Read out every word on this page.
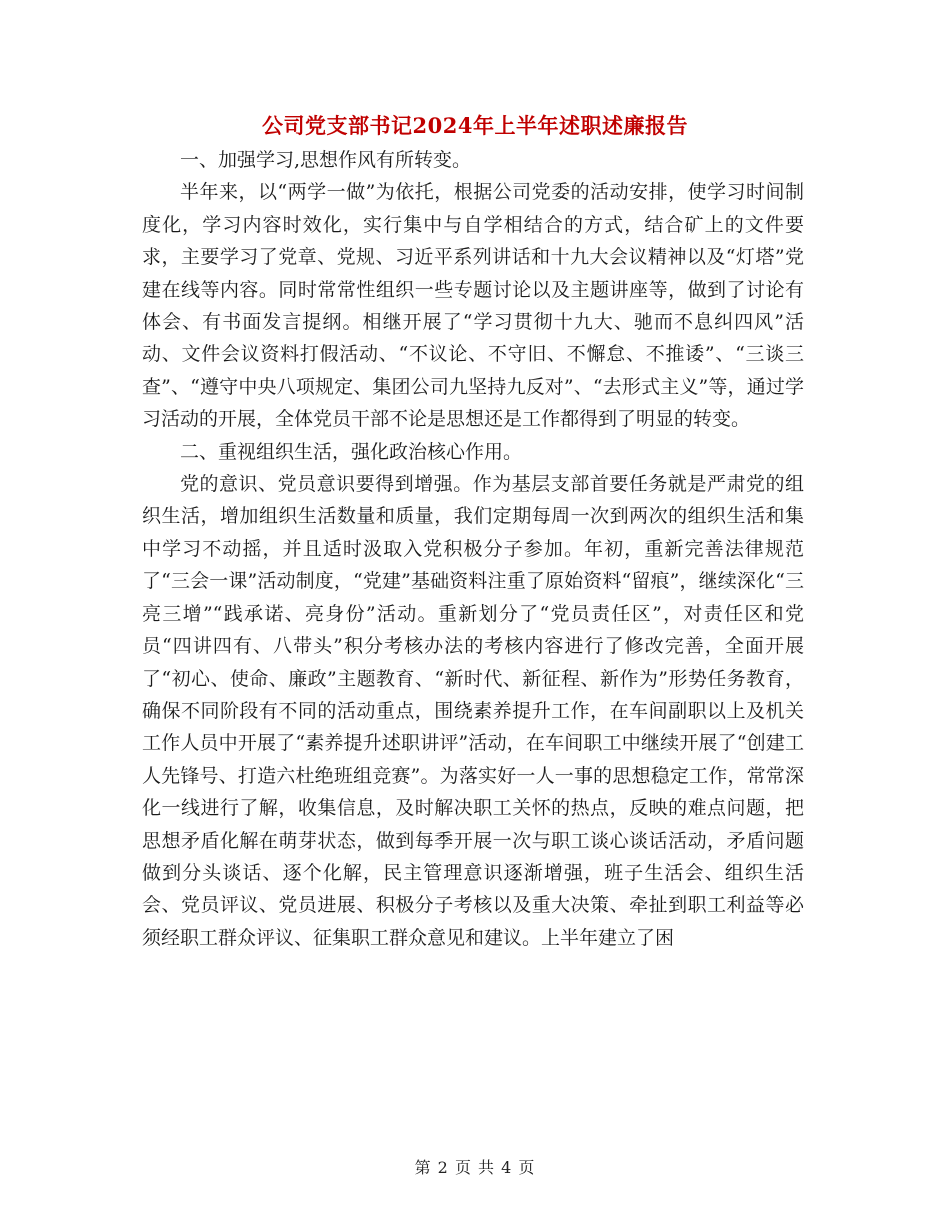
公司党支部书记2024年上半年述职述廉报告

一、加强学习,思想作风有所转变。

半年来，以“两学一做”为依托，根据公司党委的活动安排，使学习时间制度化，学习内容时效化，实行集中与自学相结合的方式，结合矿上的文件要求，主要学习了党章、党规、习近平系列讲话和十九大会议精神以及“灯塔”党建在线等内容。同时常常性组织一些专题讨论以及主题讲座等，做到了讨论有体会、有书面发言提纲。相继开展了“学习贯彻十九大、驰而不息纠四风”活动、文件会议资料打假活动、“不议论、不守旧、不懈怠、不推诿”、“三谈三查”、“遵守中央八项规定、集团公司九坚持九反对”、“去形式主义”等，通过学习活动的开展，全体党员干部不论是思想还是工作都得到了明显的转变。

二、重视组织生活，强化政治核心作用。

党的意识、党员意识要得到增强。作为基层支部首要任务就是严肃党的组织生活，增加组织生活数量和质量，我们定期每周一次到两次的组织生活和集中学习不动摇，并且适时汲取入党积极分子参加。年初，重新完善法律规范了“三会一课”活动制度，“党建”基础资料注重了原始资料“留痕”，继续深化“三亮三增”“践承诺、亮身份”活动。重新划分了“党员责任区”，对责任区和党员“四讲四有、八带头”积分考核办法的考核内容进行了修改完善，全面开展了“初心、使命、廉政”主题教育、“新时代、新征程、新作为”形势任务教育，确保不同阶段有不同的活动重点，围绕素养提升工作，在车间副职以上及机关工作人员中开展了“素养提升述职讲评”活动，在车间职工中继续开展了“创建工人先锋号、打造六杜绝班组竞赛”。为落实好一人一事的思想稳定工作，常常深化一线进行了解，收集信息，及时解决职工关怀的热点，反映的难点问题，把思想矛盾化解在萌芽状态，做到每季开展一次与职工谈心谈话活动，矛盾问题做到分头谈话、逐个化解，民主管理意识逐渐增强，班子生活会、组织生活会、党员评议、党员进展、积极分子考核以及重大决策、牵扯到职工利益等必须经职工群众评议、征集职工群众意见和建议。上半年建立了困

第 2 页 共 4 页
